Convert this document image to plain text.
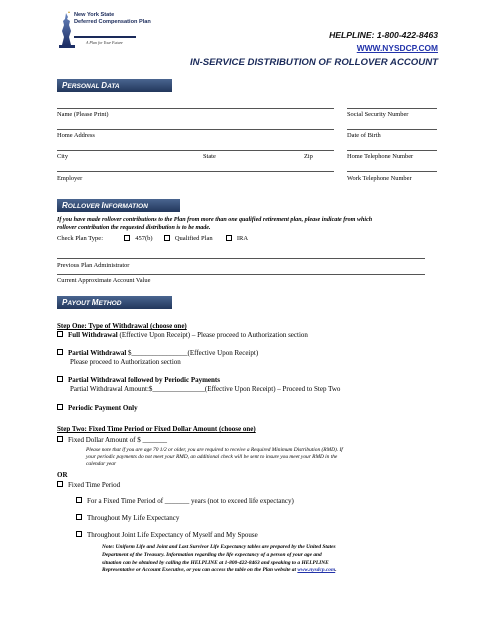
New York State
Deferred Compensation Plan
A Plan for Your Future
HELPLINE: 1-800-422-8463
WWW.NYSDCP.COM
IN-SERVICE DISTRIBUTION OF ROLLOVER ACCOUNT
PERSONAL DATA
Name (Please Print)	Social Security Number
Home Address	Date of Birth
City	State	Zip	Home Telephone Number
Employer	Work Telephone Number
ROLLOVER INFORMATION
If you have made rollover contributions to the Plan from more than one qualified retirement plan, please indicate from which
rollover contribution the requested distribution is to be made.
Check Plan Type:	457(b)	Qualified Plan	IRA
Previous Plan Administrator
Current Approximate Account Value
PAYOUT METHOD
Step One: Type of Withdrawal (choose one)
Full Withdrawal (Effective Upon Receipt) – Please proceed to Authorization section
Partial Withdrawal $________________(Effective Upon Receipt)
Please proceed to Authorization section
Partial Withdrawal followed by Periodic Payments
Partial Withdrawal Amount:$_______________(Effective Upon Receipt) – Proceed to Step Two
Periodic Payment Only
Step Two: Fixed Time Period or Fixed Dollar Amount (choose one)
Fixed Dollar Amount of $ _______
Please note that if you are age 70 1/2 or older, you are required to receive a Required Minimum Distribution (RMD). If
your periodic payments do not meet your RMD, an additional check will be sent to insure you meet your RMD in the
calendar year
OR
Fixed Time Period
For a Fixed Time Period of _______ years (not to exceed life expectancy)
Throughout My Life Expectancy
Throughout Joint Life Expectancy of Myself and My Spouse
Note: Uniform Life and Joint and Last Survivor Life Expectancy tables are prepared by the United States
Department of the Treasury. Information regarding the life expectancy of a person of your age and
situation can be obtained by calling the HELPLINE at 1-800-422-8463 and speaking to a HELPLINE
Representative or Account Executive, or you can access the table on the Plan website at www.nysdcp.com.
